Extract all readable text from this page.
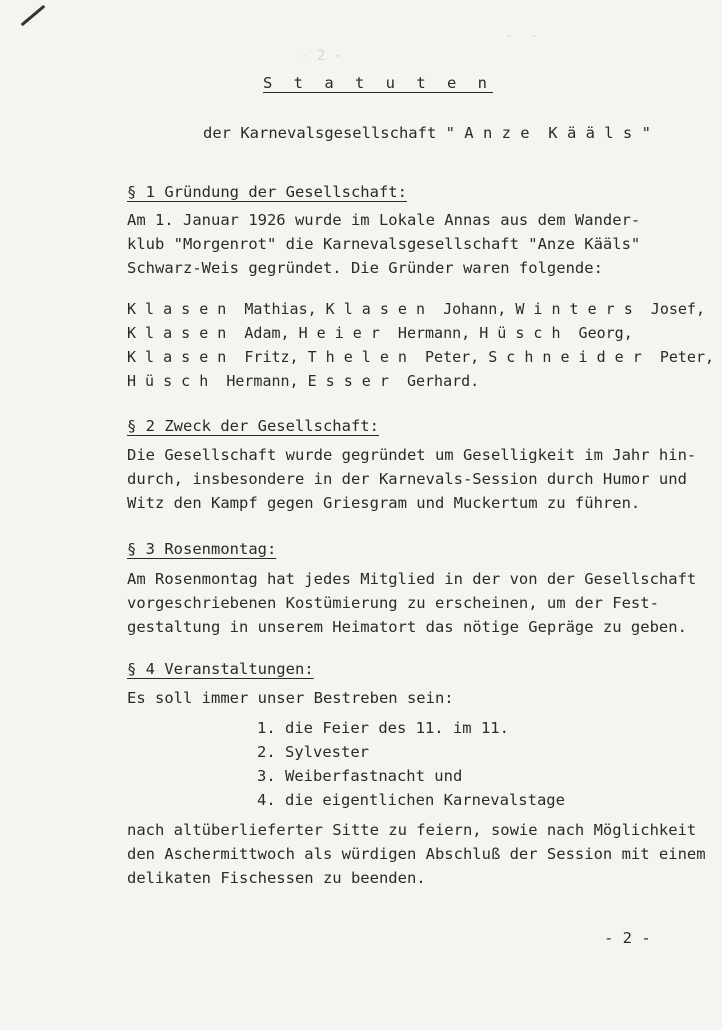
-  -
- 2 -
S t a t u t e n
der Karnevalsgesellschaft " A n z e  K ä ä l s "
§ 1 Gründung der Gesellschaft:
Am 1. Januar 1926 wurde im Lokale Annas aus dem Wander-
klub "Morgenrot" die Karnevalsgesellschaft "Anze Kääls"
Schwarz-Weis gegründet. Die Gründer waren folgende:
K l a s e n  Mathias, K l a s e n  Johann, W i n t e r s  Josef,
K l a s e n  Adam, H e i e r  Hermann, H ü s c h  Georg,
K l a s e n  Fritz, T h e l e n  Peter, S c h n e i d e r  Peter,
H ü s c h  Hermann, E s s e r  Gerhard.
§ 2 Zweck der Gesellschaft:
Die Gesellschaft wurde gegründet um Geselligkeit im Jahr hin-
durch, insbesondere in der Karnevals-Session durch Humor und
Witz den Kampf gegen Griesgram und Muckertum zu führen.
§ 3 Rosenmontag:
Am Rosenmontag hat jedes Mitglied in der von der Gesellschaft
vorgeschriebenen Kostümierung zu erscheinen, um der Fest-
gestaltung in unserem Heimatort das nötige Gepräge zu geben.
§ 4 Veranstaltungen:
Es soll immer unser Bestreben sein:
1. die Feier des 11. im 11.
2. Sylvester
3. Weiberfastnacht und
4. die eigentlichen Karnevalstage
nach altüberlieferter Sitte zu feiern, sowie nach Möglichkeit
den Aschermittwoch als würdigen Abschluß der Session mit einem
delikaten Fischessen zu beenden.
- 2 -
